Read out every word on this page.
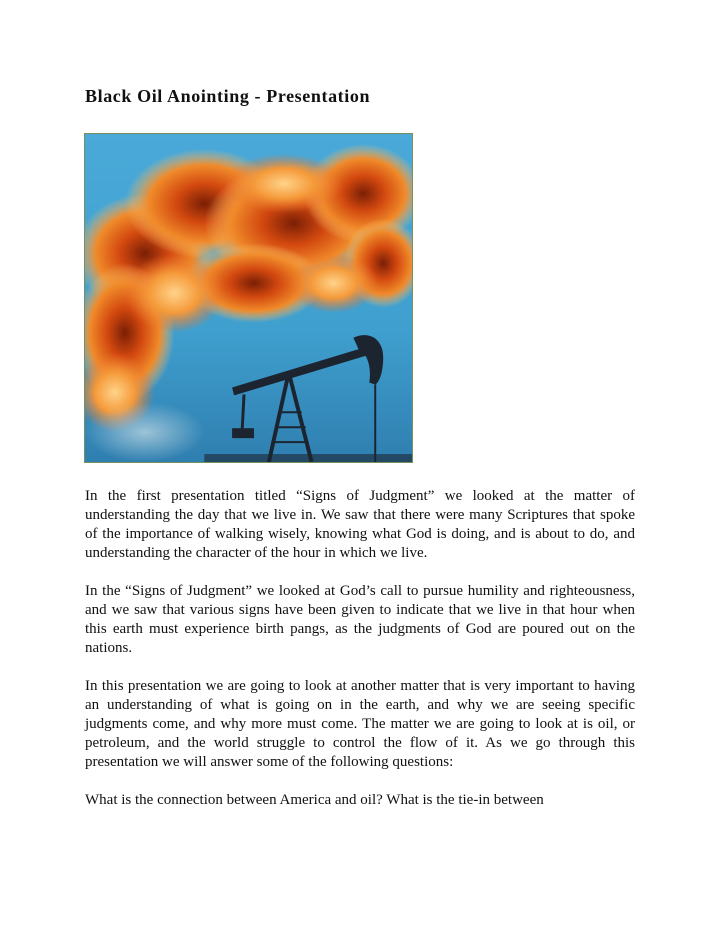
Black Oil Anointing - Presentation

In the first presentation titled “Signs of Judgment” we looked at the matter of understanding the day that we live in. We saw that there were many Scriptures that spoke of the importance of walking wisely, knowing what God is doing, and is about to do, and understanding the character of the hour in which we live.

In the “Signs of Judgment” we looked at God’s call to pursue humility and righteousness, and we saw that various signs have been given to indicate that we live in that hour when this earth must experience birth pangs, as the judgments of God are poured out on the nations.

In this presentation we are going to look at another matter that is very important to having an understanding of what is going on in the earth, and why we are seeing specific judgments come, and why more must come. The matter we are going to look at is oil, or petroleum, and the world struggle to control the flow of it. As we go through this presentation we will answer some of the following questions:

What is the connection between America and oil? What is the tie-in between
